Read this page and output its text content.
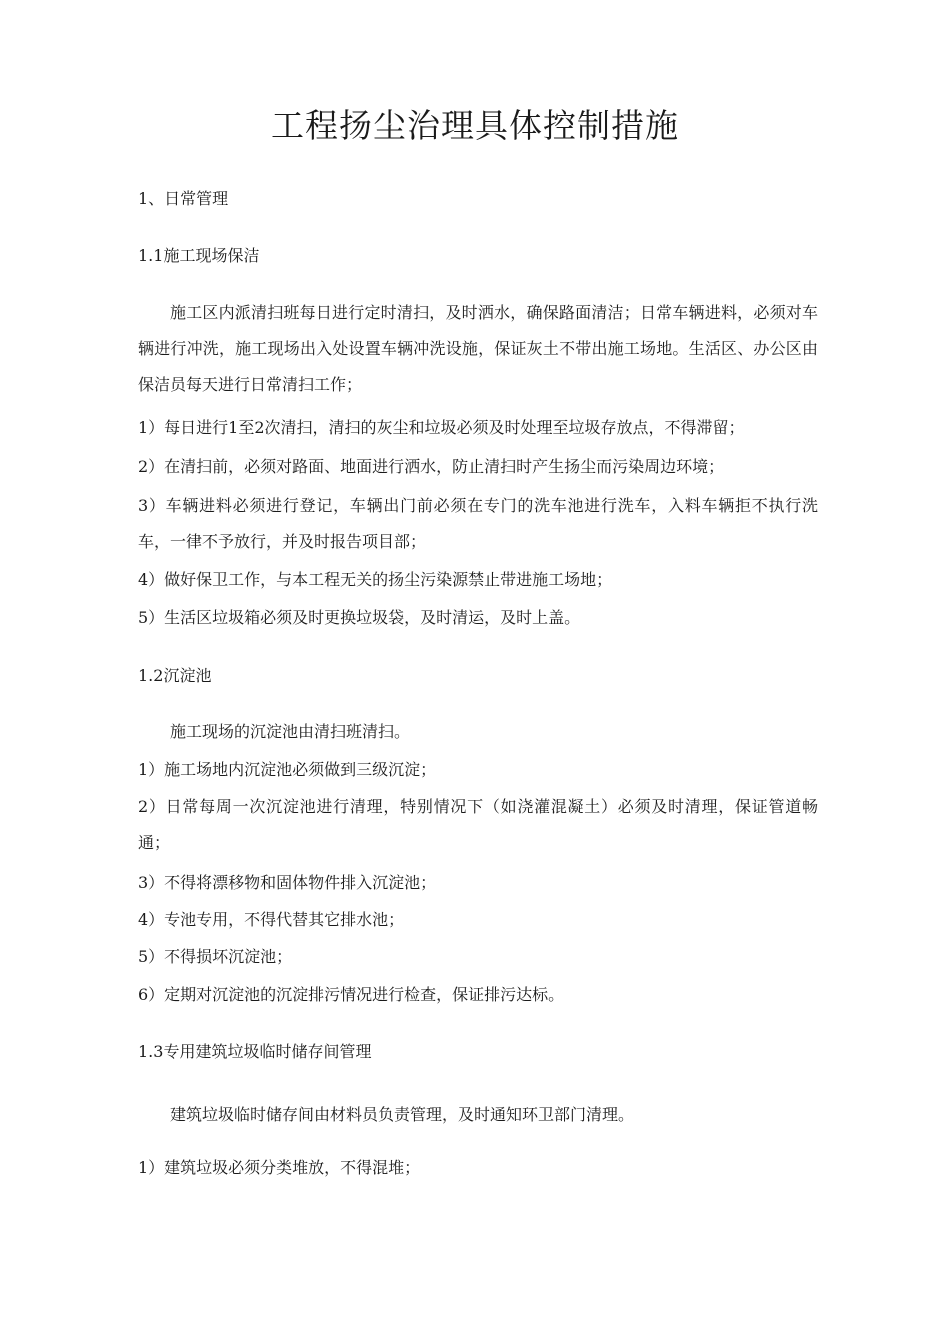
工程扬尘治理具体控制措施

1、日常管理

1.1施工现场保洁

施工区内派清扫班每日进行定时清扫，及时洒水，确保路面清洁；日常车辆进料，必须对车辆进行冲洗，施工现场出入处设置车辆冲洗设施，保证灰土不带出施工场地。生活区、办公区由保洁员每天进行日常清扫工作；

1）每日进行1至2次清扫，清扫的灰尘和垃圾必须及时处理至垃圾存放点，不得滞留；

2）在清扫前，必须对路面、地面进行洒水，防止清扫时产生扬尘而污染周边环境；

3）车辆进料必须进行登记，车辆出门前必须在专门的洗车池进行洗车，入料车辆拒不执行洗车，一律不予放行，并及时报告项目部；

4）做好保卫工作，与本工程无关的扬尘污染源禁止带进施工场地；

5）生活区垃圾箱必须及时更换垃圾袋，及时清运，及时上盖。

1.2沉淀池

施工现场的沉淀池由清扫班清扫。

1）施工场地内沉淀池必须做到三级沉淀；

2）日常每周一次沉淀池进行清理，特别情况下（如浇灌混凝土）必须及时清理，保证管道畅通；

3）不得将漂移物和固体物件排入沉淀池；

4）专池专用，不得代替其它排水池；

5）不得损坏沉淀池；

6）定期对沉淀池的沉淀排污情况进行检查，保证排污达标。

1.3专用建筑垃圾临时储存间管理

建筑垃圾临时储存间由材料员负责管理，及时通知环卫部门清理。

1）建筑垃圾必须分类堆放，不得混堆；
